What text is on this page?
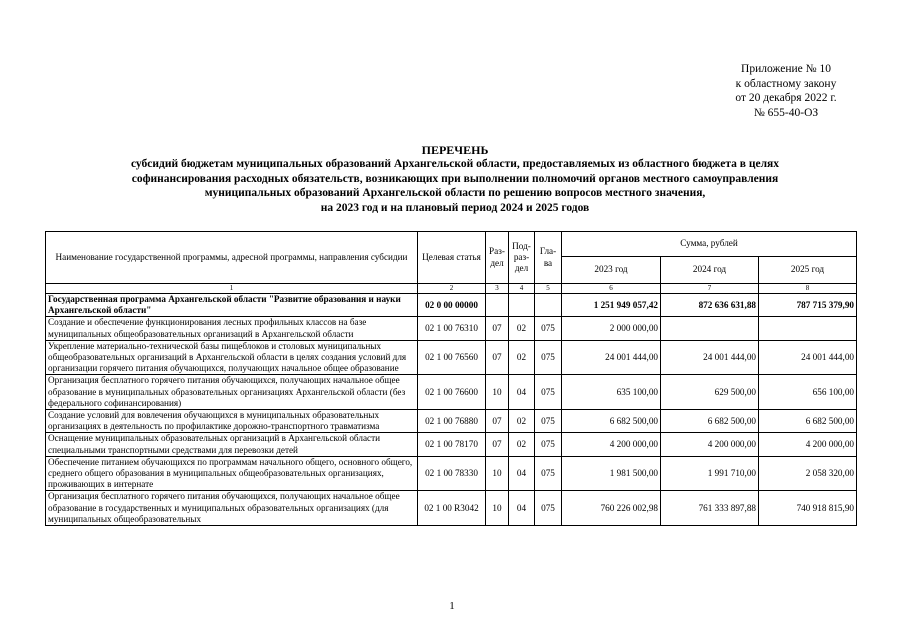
Приложение № 10
к областному закону
от 20 декабря 2022 г.
№ 655-40-ОЗ
ПЕРЕЧЕНЬ
субсидий бюджетам муниципальных образований Архангельской области, предоставляемых из областного бюджета в целях
софинансирования расходных обязательств, возникающих при выполнении полномочий органов местного самоуправления
муниципальных образований Архангельской области по решению вопросов местного значения,
на 2023 год и на плановый период 2024 и 2025 годов
Наименование государственной программы, адресной программы, направления субсидии	Целевая статья	Раз-дел	Под-раз-дел	Гла-ва	Сумма, рублей		
					2023 год	2024 год	2025 год
1	2	3	4	5	6	7	8
Государственная программа Архангельской области "Развитие образования и науки Архангельской области"	02 0 00 00000				1 251 949 057,42	872 636 631,88	787 715 379,90
Создание и обеспечение функционирования лесных профильных классов на базе муниципальных общеобразовательных организаций в Архангельской области	02 1 00 76310	07	02	075	2 000 000,00		
Укрепление материально-технической базы пищеблоков и столовых муниципальных общеобразовательных организаций в Архангельской области в целях создания условий для организации горячего питания обучающихся, получающих начальное общее образование	02 1 00 76560	07	02	075	24 001 444,00	24 001 444,00	24 001 444,00
Организация бесплатного горячего питания обучающихся, получающих начальное общее образование в муниципальных образовательных организациях Архангельской области (без федерального софинансирования)	02 1 00 76600	10	04	075	635 100,00	629 500,00	656 100,00
Создание условий для вовлечения обучающихся в муниципальных образовательных организациях в деятельность по профилактике дорожно-транспортного травматизма	02 1 00 76880	07	02	075	6 682 500,00	6 682 500,00	6 682 500,00
Оснащение муниципальных образовательных организаций в Архангельской области специальными транспортными средствами для перевозки детей	02 1 00 78170	07	02	075	4 200 000,00	4 200 000,00	4 200 000,00
Обеспечение питанием обучающихся по программам начального общего, основного общего, среднего общего образования в муниципальных общеобразовательных организациях, проживающих в интернате	02 1 00 78330	10	04	075	1 981 500,00	1 991 710,00	2 058 320,00
Организация бесплатного горячего питания обучающихся, получающих начальное общее образование в государственных и муниципальных образовательных организациях (для муниципальных общеобразовательных	02 1 00 R3042	10	04	075	760 226 002,98	761 333 897,88	740 918 815,90
1
